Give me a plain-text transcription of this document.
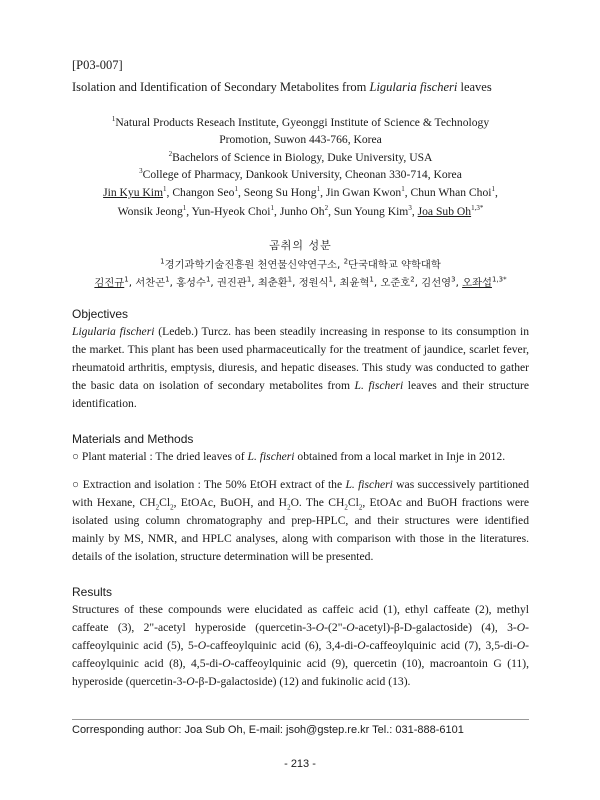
[P03-007]

Isolation and Identification of Secondary Metabolites from Ligularia fischeri leaves

$^1$Natural Products Reseach Institute, Gyeonggi Institute of Science & Technology

Promotion, Suwon 443-766, Korea

$^2$Bachelors of Science in Biology, Duke University, USA

$^3$College of Pharmacy, Dankook University, Cheonan 330-714, Korea

Jin Kyu Kim$^1$, Changon Seo$^1$, Seong Su Hong$^1$, Jin Gwan Kwon$^1$, Chun Whan Choi$^1$,
Wonsik Jeong$^1$, Yun-Hyeok Choi$^1$, Junho Oh$^2$, Sun Young Kim$^3$, Joa Sub $Oh^{1,3*}$

곰취의 성분

$^1$경기과학기술진흥원 천연물신약연구소, $^2$단국대학교 약학대학

김진규$^1$, 서찬곤$^1$, 홍성수$^1$, 권진관$^1$, 최춘환$^1$, 정원식$^1$, 최윤혁$^1$, 오준호$^2$, 김선영$^3$, 오좌섭$^{1,3*}$

Objectives

Ligularia fischeri (Ledeb.) Turcz. has been steadily increasing in response to its consumption in the market. This plant has been used pharmaceutically for the treatment of jaundice, scarlet fever, rheumatoid arthritis, emptysis, diuresis, and hepatic diseases. This study was conducted to gather the basic data on isolation of secondary metabolites from L. fischeri leaves and their structure identification.

Materials and Methods

○ Plant material : The dried leaves of L. fischeri obtained from a local market in Inje in 2012.

○ Extraction and isolation : The 50% EtOH extract of the L. fischeri was successively partitioned with Hexane, $CH_2Cl_2$, EtOAc, BuOH, and $H_2O$. The $CH_2Cl_2$, EtOAc and BuOH fractions were isolated using column chromatography and prep-HPLC, and their structures were identified mainly by MS, NMR, and HPLC analyses, along with comparison with those in the literatures. details of the isolation, structure determination will be presented.

Results

Structures of these compounds were elucidated as caffeic acid (1), ethyl caffeate (2), methyl caffeate (3), 2"-acetyl hyperoside (quercetin-3-O-(2"-O-acetyl)-β-D-galactoside) (4), 3-O-caffeoylquinic acid (5), 5-O-caffeoylquinic acid (6), 3,4-di-O-caffeoylquinic acid (7), 3,5-di-O-caffeoylquinic acid (8), 4,5-di-O-caffeoylquinic acid (9), quercetin (10), macroantoin G (11), hyperoside (quercetin-3-O-β-D-galactoside) (12) and fukinolic acid (13).

Corresponding author: Joa Sub Oh, E-mail: jsoh@gstep.re.kr Tel.: 031-888-6101
- 213 -
